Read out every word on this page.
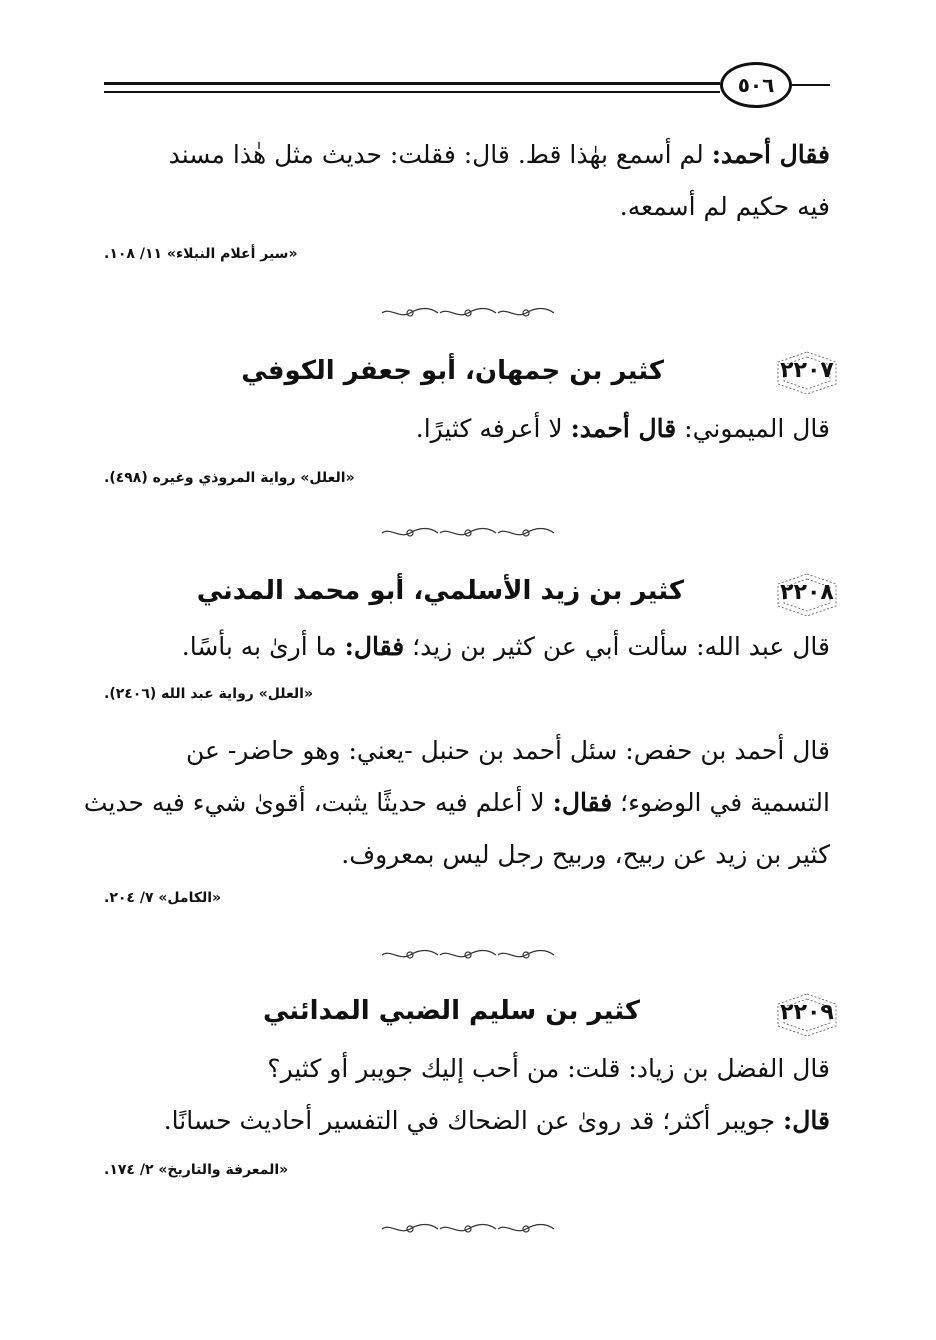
٥٠٦
فقال أحمد: لم أسمع بهٰذا قط. قال: فقلت: حديث مثل هٰذا مسند
فيه حكيم لم أسمعه.
«سير أعلام النبلاء» ١١/ ١٠٨.
٢٢٠٧
كثير بن جمهان، أبو جعفر الكوفي
قال الميموني: قال أحمد: لا أعرفه كثيرًا.
«العلل» رواية المروذي وغيره (٤٩٨).
٢٢٠٨
كثير بن زيد الأسلمي، أبو محمد المدني
قال عبد الله: سألت أبي عن كثير بن زيد؛ فقال: ما أرىٰ به بأسًا.
«العلل» رواية عبد الله (٢٤٠٦).
قال أحمد بن حفص: سئل أحمد بن حنبل -يعني: وهو حاضر- عن
التسمية في الوضوء؛ فقال: لا أعلم فيه حديثًا يثبت، أقوىٰ شيء فيه حديث
كثير بن زيد عن ربيح، وربيح رجل ليس بمعروف.
«الكامل» ٧/ ٢٠٤.
٢٢٠٩
كثير بن سليم الضبي المدائني
قال الفضل بن زياد: قلت: من أحب إليك جويبر أو كثير؟
قال: جويبر أكثر؛ قد روىٰ عن الضحاك في التفسير أحاديث حسانًا.
«المعرفة والتاريخ» ٢/ ١٧٤.
